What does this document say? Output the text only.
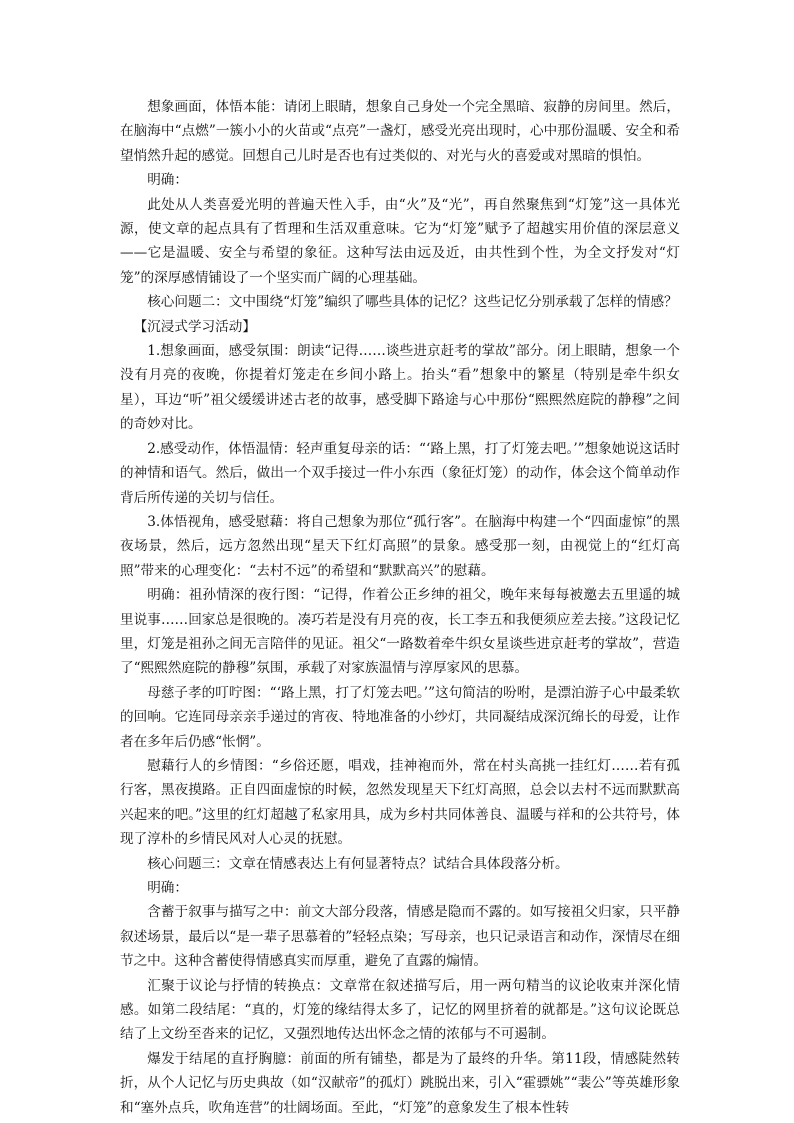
想象画面，体悟本能：请闭上眼睛，想象自己身处一个完全黑暗、寂静的房间里。然后，在脑海中“点燃”一簇小小的火苗或“点亮”一盏灯，感受光亮出现时，心中那份温暖、安全和希望悄然升起的感觉。回想自己儿时是否也有过类似的、对光与火的喜爱或对黑暗的惧怕。

明确：

此处从人类喜爱光明的普遍天性入手，由“火”及“光”，再自然聚焦到“灯笼”这一具体光源，使文章的起点具有了哲理和生活双重意味。它为“灯笼”赋予了超越实用价值的深层意义——它是温暖、安全与希望的象征。这种写法由远及近，由共性到个性，为全文抒发对“灯笼”的深厚感情铺设了一个坚实而广阔的心理基础。

核心问题二：文中围绕“灯笼”编织了哪些具体的记忆？这些记忆分别承载了怎样的情感？

【沉浸式学习活动】

1.想象画面，感受氛围：朗读“记得……谈些进京赶考的掌故”部分。闭上眼睛，想象一个没有月亮的夜晚，你提着灯笼走在乡间小路上。抬头“看”想象中的繁星（特别是牵牛织女星），耳边“听”祖父缓缓讲述古老的故事，感受脚下路途与心中那份“熙熙然庭院的静穆”之间的奇妙对比。

2.感受动作，体悟温情：轻声重复母亲的话：“‘路上黑，打了灯笼去吧。’”想象她说这话时的神情和语气。然后，做出一个双手接过一件小东西（象征灯笼）的动作，体会这个简单动作背后所传递的关切与信任。

3.体悟视角，感受慰藉：将自己想象为那位“孤行客”。在脑海中构建一个“四面虚惊”的黑夜场景，然后，远方忽然出现“星天下红灯高照”的景象。感受那一刻，由视觉上的“红灯高照”带来的心理变化：“去村不远”的希望和“默默高兴”的慰藉。

明确：祖孙情深的夜行图：“记得，作着公正乡绅的祖父，晚年来每每被邀去五里遥的城里说事……回家总是很晚的。凑巧若是没有月亮的夜，长工李五和我便须应差去接。”这段记忆里，灯笼是祖孙之间无言陪伴的见证。祖父“一路数着牵牛织女星谈些进京赶考的掌故”，营造了“熙熙然庭院的静穆”氛围，承载了对家族温情与淳厚家风的思慕。

母慈子孝的叮咛图：“‘路上黑，打了灯笼去吧。’”这句简洁的吩咐，是漂泊游子心中最柔软的回响。它连同母亲亲手递过的宵夜、特地准备的小纱灯，共同凝结成深沉绵长的母爱，让作者在多年后仍感“怅惘”。

慰藉行人的乡情图：“乡俗还愿，唱戏，挂神袍而外，常在村头高挑一挂红灯……若有孤行客，黑夜摸路。正自四面虚惊的时候，忽然发现星天下红灯高照，总会以去村不远而默默高兴起来的吧。”这里的红灯超越了私家用具，成为乡村共同体善良、温暖与祥和的公共符号，体现了淳朴的乡情民风对人心灵的抚慰。

核心问题三：文章在情感表达上有何显著特点？试结合具体段落分析。

明确：

含蓄于叙事与描写之中：前文大部分段落，情感是隐而不露的。如写接祖父归家，只平静叙述场景，最后以“是一辈子思慕着的”轻轻点染；写母亲，也只记录语言和动作，深情尽在细节之中。这种含蓄使得情感真实而厚重，避免了直露的煽情。

汇聚于议论与抒情的转换点：文章常在叙述描写后，用一两句精当的议论收束并深化情感。如第二段结尾：“真的，灯笼的缘结得太多了，记忆的网里挤着的就都是。”这句议论既总结了上文纷至沓来的记忆，又强烈地传达出怀念之情的浓郁与不可遏制。

爆发于结尾的直抒胸臆：前面的所有铺垫，都是为了最终的升华。第11段，情感陡然转折，从个人记忆与历史典故（如“汉献帝”的孤灯）跳脱出来，引入“霍骠姚”“裴公”等英雄形象和“塞外点兵，吹角连营”的壮阔场面。至此，“灯笼”的意象发生了根本性转
